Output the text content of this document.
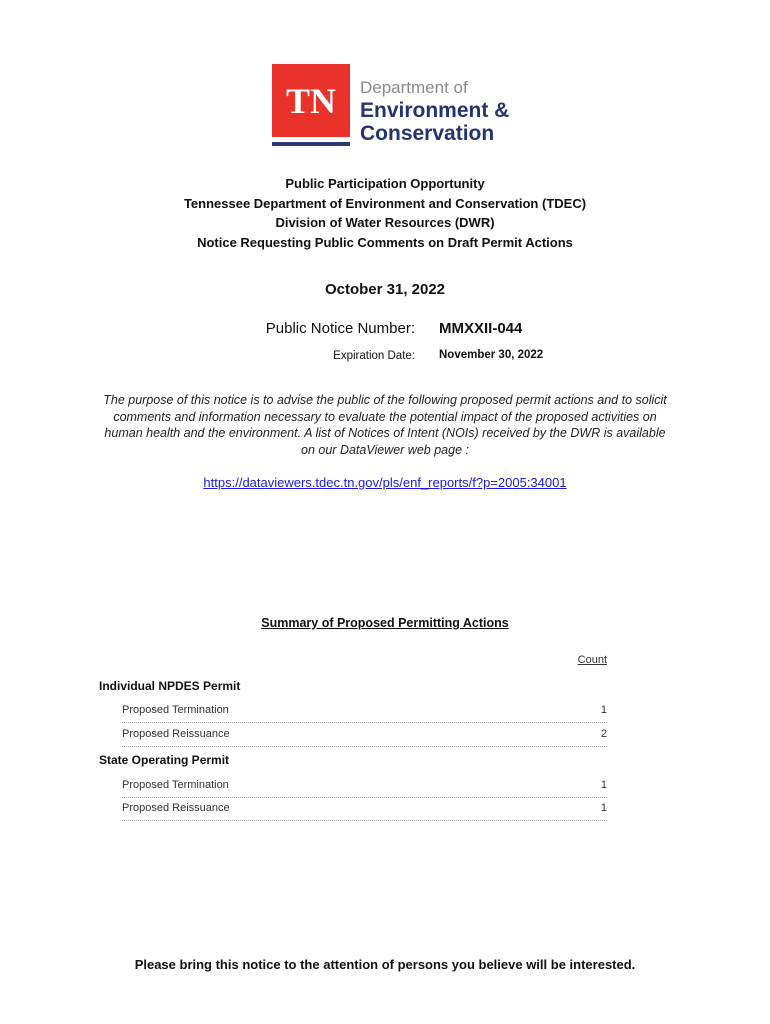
TN	Department of
Environment &
Conservation
Public Participation Opportunity
Tennessee Department of Environment and Conservation (TDEC)
Division of Water Resources (DWR)
Notice Requesting Public Comments on Draft Permit Actions
October 31, 2022
Public Notice Number: MMXXII-044
Expiration Date: November 30, 2022
The purpose of this notice is to advise the public of the following proposed permit actions and to solicit comments and information necessary to evaluate the potential impact of the proposed activities on human health and the environment. A list of Notices of Intent (NOIs) received by the DWR is available on our DataViewer web page :
https://dataviewers.tdec.tn.gov/pls/enf_reports/f?p=2005:34001
Summary of Proposed Permitting Actions
Count
Individual NPDES Permit
Proposed Termination	1
Proposed Reissuance	2
State Operating Permit
Proposed Termination	1
Proposed Reissuance	1
Please bring this notice to the attention of persons you believe will be interested.
